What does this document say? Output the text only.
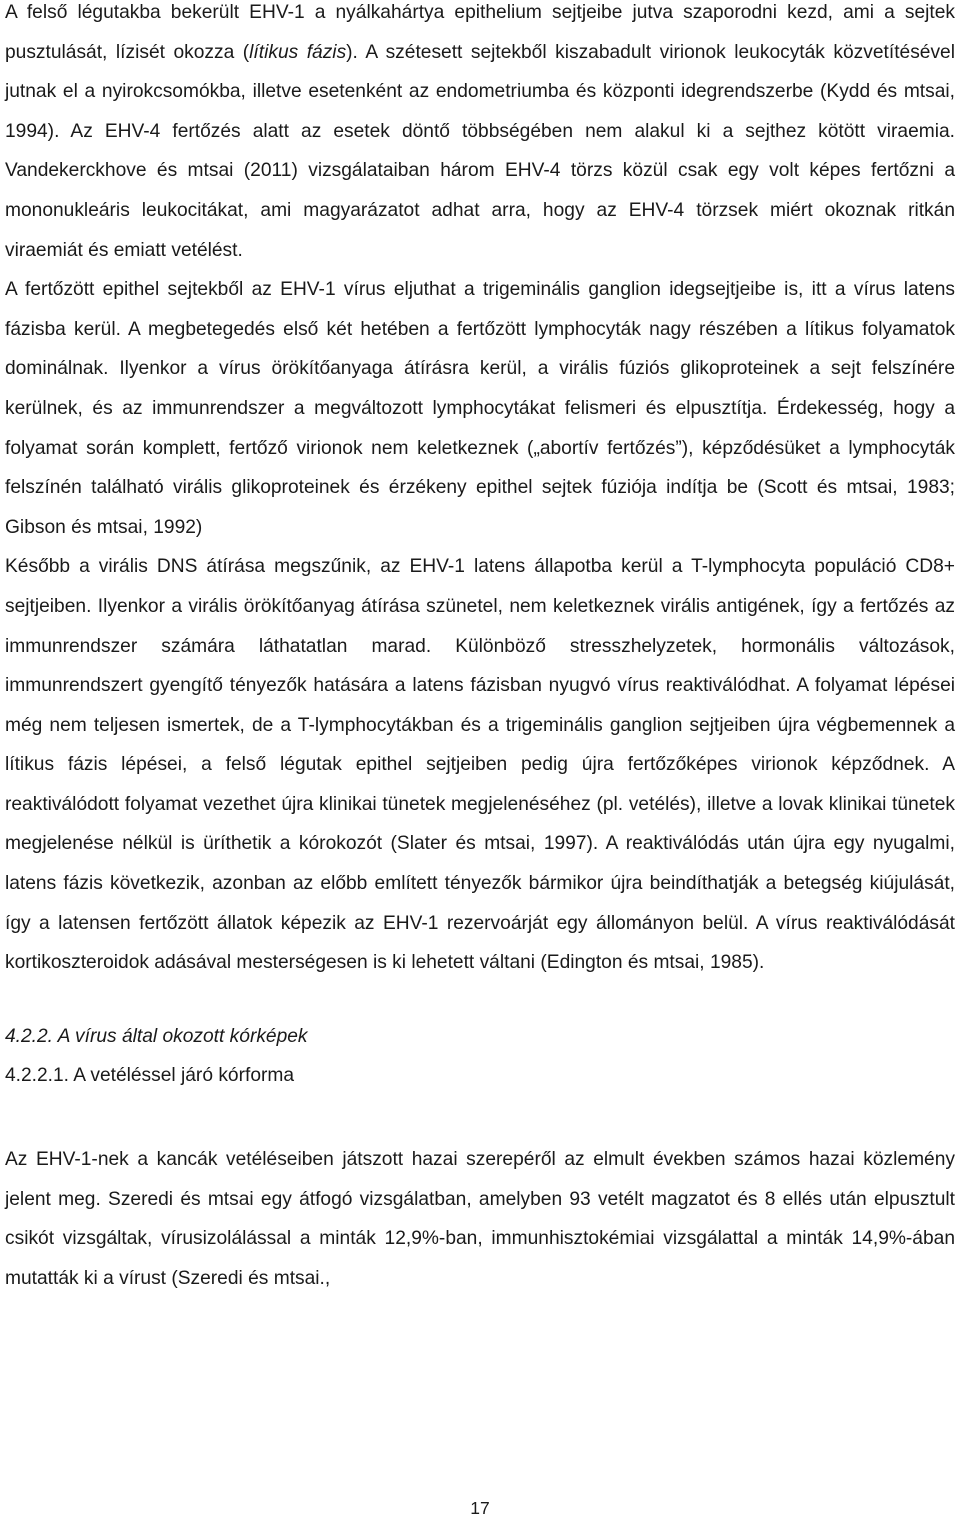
A felső légutakba bekerült EHV-1 a nyálkahártya epithelium sejtjeibe jutva szaporodni kezd, ami a sejtek pusztulását, lízisét okozza (lítikus fázis). A szétesett sejtekből kiszabadult virionok leukocyták közvetítésével jutnak el a nyirokcsomókba, illetve esetenként az endometriumba és központi idegrendszerbe (Kydd és mtsai, 1994). Az EHV-4 fertőzés alatt az esetek döntő többségében nem alakul ki a sejthez kötött viraemia. Vandekerckhove és mtsai (2011) vizsgálataiban három EHV-4 törzs közül csak egy volt képes fertőzni a mononukleáris leukocitákat, ami magyarázatot adhat arra, hogy az EHV-4 törzsek miért okoznak ritkán viraemiát és emiatt vetélést.

A fertőzött epithel sejtekből az EHV-1 vírus eljuthat a trigeminális ganglion idegsejtjeibe is, itt a vírus latens fázisba kerül. A megbetegedés első két hetében a fertőzött lymphocyták nagy részében a lítikus folyamatok dominálnak. Ilyenkor a vírus örökítőanyaga átírásra kerül, a virális fúziós glikoproteinek a sejt felszínére kerülnek, és az immunrendszer a megváltozott lymphocytákat felismeri és elpusztítja. Érdekesség, hogy a folyamat során komplett, fertőző virionok nem keletkeznek („abortív fertőzés”), képződésüket a lymphocyták felszínén található virális glikoproteinek és érzékeny epithel sejtek fúziója indítja be (Scott és mtsai, 1983; Gibson és mtsai, 1992)

Később a virális DNS átírása megszűnik, az EHV-1 latens állapotba kerül a T-lymphocyta populáció CD8+ sejtjeiben. Ilyenkor a virális örökítőanyag átírása szünetel, nem keletkeznek virális antigének, így a fertőzés az immunrendszer számára láthatatlan marad. Különböző stresszhelyzetek, hormonális változások, immunrendszert gyengítő tényezők hatására a latens fázisban nyugvó vírus reaktiválódhat. A folyamat lépései még nem teljesen ismertek, de a T-lymphocytákban és a trigeminális ganglion sejtjeiben újra végbemennek a lítikus fázis lépései, a felső légutak epithel sejtjeiben pedig újra fertőzőképes virionok képződnek. A reaktiválódott folyamat vezethet újra klinikai tünetek megjelenéséhez (pl. vetélés), illetve a lovak klinikai tünetek megjelenése nélkül is üríthetik a kórokozót (Slater és mtsai, 1997). A reaktiválódás után újra egy nyugalmi, latens fázis következik, azonban az előbb említett tényezők bármikor újra beindíthatják a betegség kiújulását, így a latensen fertőzött állatok képezik az EHV-1 rezervoárját egy állományon belül. A vírus reaktiválódását kortikoszteroidok adásával mesterségesen is ki lehetett váltani (Edington és mtsai, 1985).

4.2.2. A vírus által okozott kórképek
4.2.2.1. A vetéléssel járó kórforma

Az EHV-1-nek a kancák vetéléseiben játszott hazai szerepéről az elmult években számos hazai közlemény jelent meg. Szeredi és mtsai egy átfogó vizsgálatban, amelyben 93 vetélt magzatot és 8 ellés után elpusztult csikót vizsgáltak, vírusizolálással a minták 12,9%-ban, immunhisztokémiai vizsgálattal a minták 14,9%-ában mutatták ki a vírust (Szeredi és mtsai.,

17
